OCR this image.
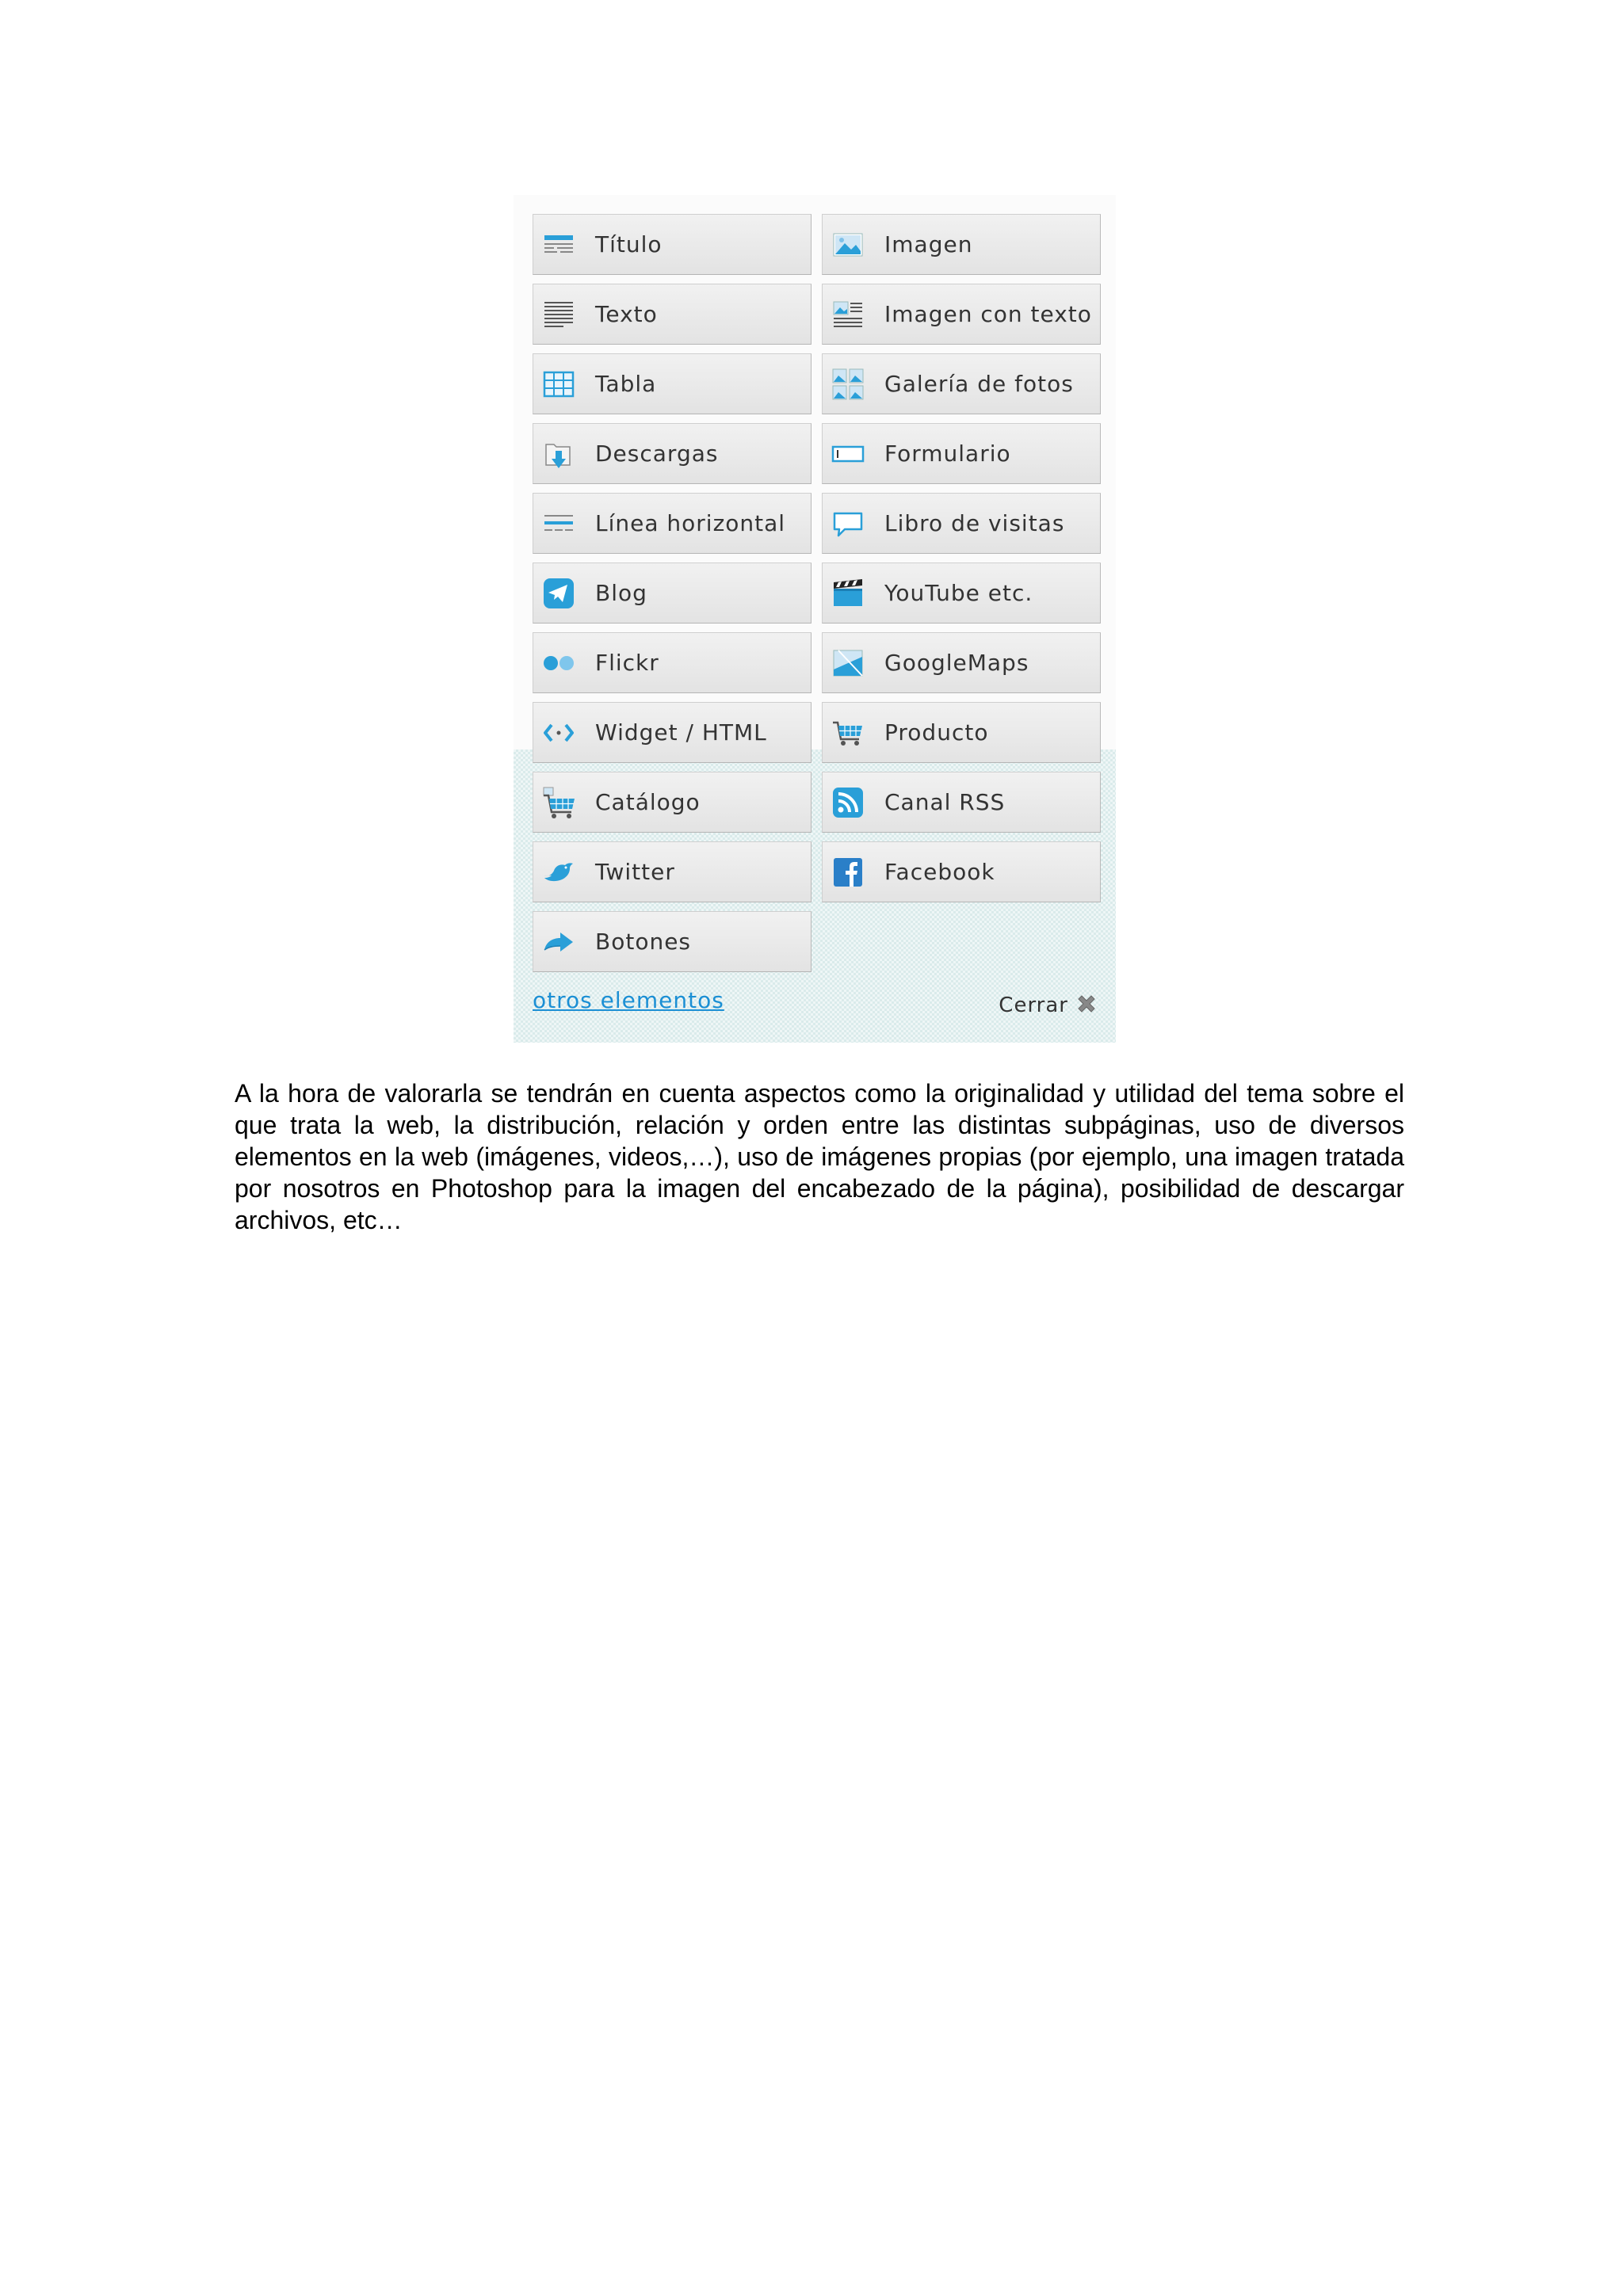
Título	Imagen
Texto	Imagen con texto
Tabla	Galería de fotos
Descargas	Formulario
Línea horizontal	Libro de visitas
Blog	YouTube etc.
Flickr	GoogleMaps
Widget / HTML	Producto
Catálogo	Canal RSS
Twitter	Facebook
Botones
otros elementos	Cerrar

A la hora de valorarla se tendrán en cuenta aspectos como la originalidad y utilidad del tema sobre el que trata la web, la distribución, relación y orden entre las distintas subpáginas, uso de diversos elementos en la web (imágenes, videos,…), uso de imágenes propias (por ejemplo, una imagen tratada por nosotros en Photoshop para la imagen del encabezado de la página), posibilidad de descargar archivos, etc…
